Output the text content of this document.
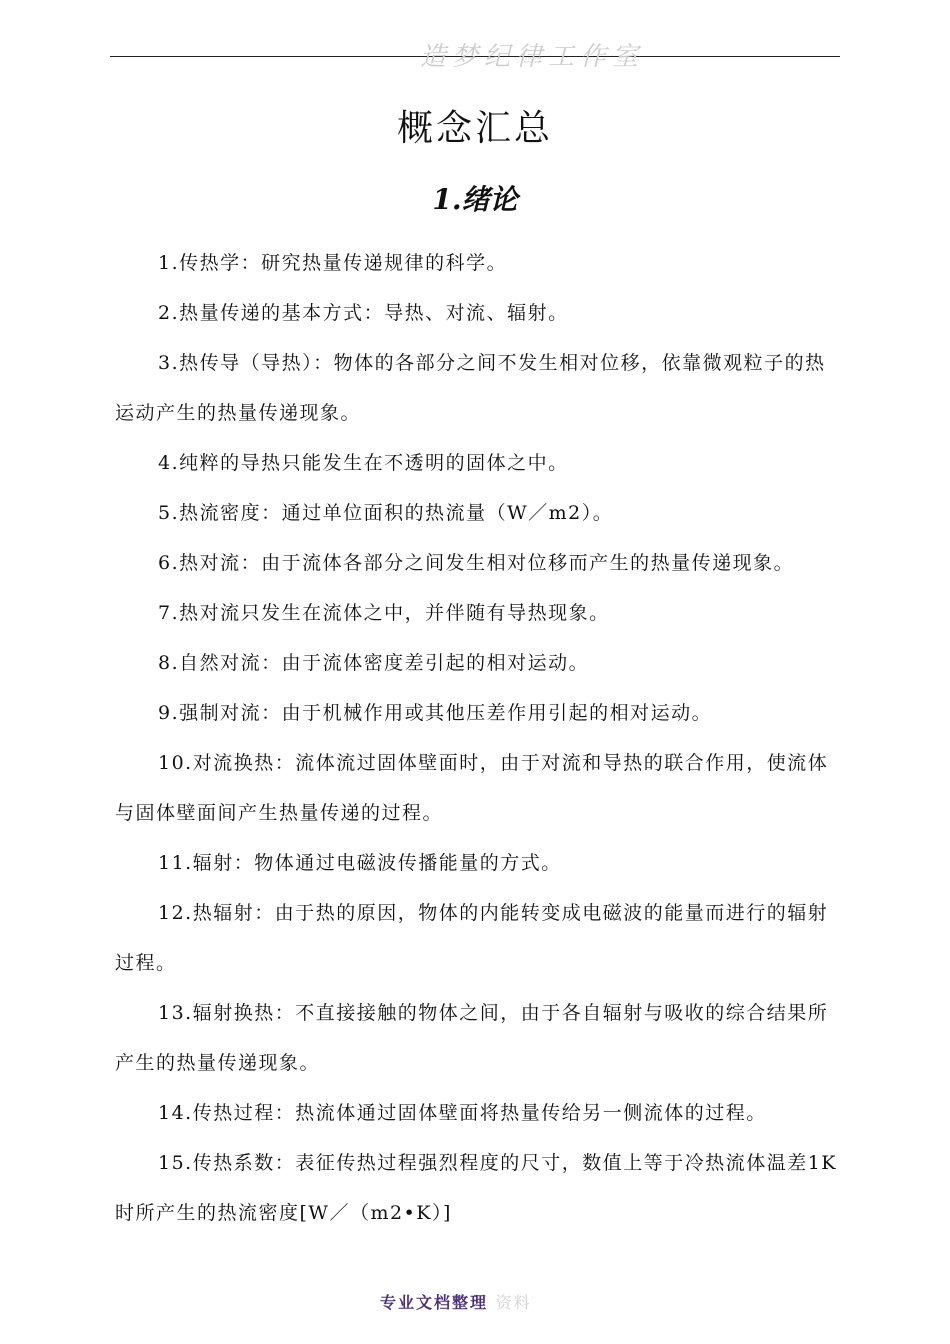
造梦纪律工作室
概念汇总
1.绪论

1.传热学：研究热量传递规律的科学。

2.热量传递的基本方式：导热、对流、辐射。

3.热传导（导热）：物体的各部分之间不发生相对位移，依靠微观粒子的热运动产生的热量传递现象。

4.纯粹的导热只能发生在不透明的固体之中。

5.热流密度：通过单位面积的热流量（W／m2）。

6.热对流：由于流体各部分之间发生相对位移而产生的热量传递现象。

7.热对流只发生在流体之中，并伴随有导热现象。

8.自然对流：由于流体密度差引起的相对运动。

9.强制对流：由于机械作用或其他压差作用引起的相对运动。

10.对流换热：流体流过固体壁面时，由于对流和导热的联合作用，使流体与固体壁面间产生热量传递的过程。

11.辐射：物体通过电磁波传播能量的方式。

12.热辐射：由于热的原因，物体的内能转变成电磁波的能量而进行的辐射过程。

13.辐射换热：不直接接触的物体之间，由于各自辐射与吸收的综合结果所产生的热量传递现象。

14.传热过程：热流体通过固体壁面将热量传给另一侧流体的过程。

15.传热系数：表征传热过程强烈程度的尺寸，数值上等于冷热流体温差1K时所产生的热流密度[W／（m2•K）]

专业文档整理 资料
